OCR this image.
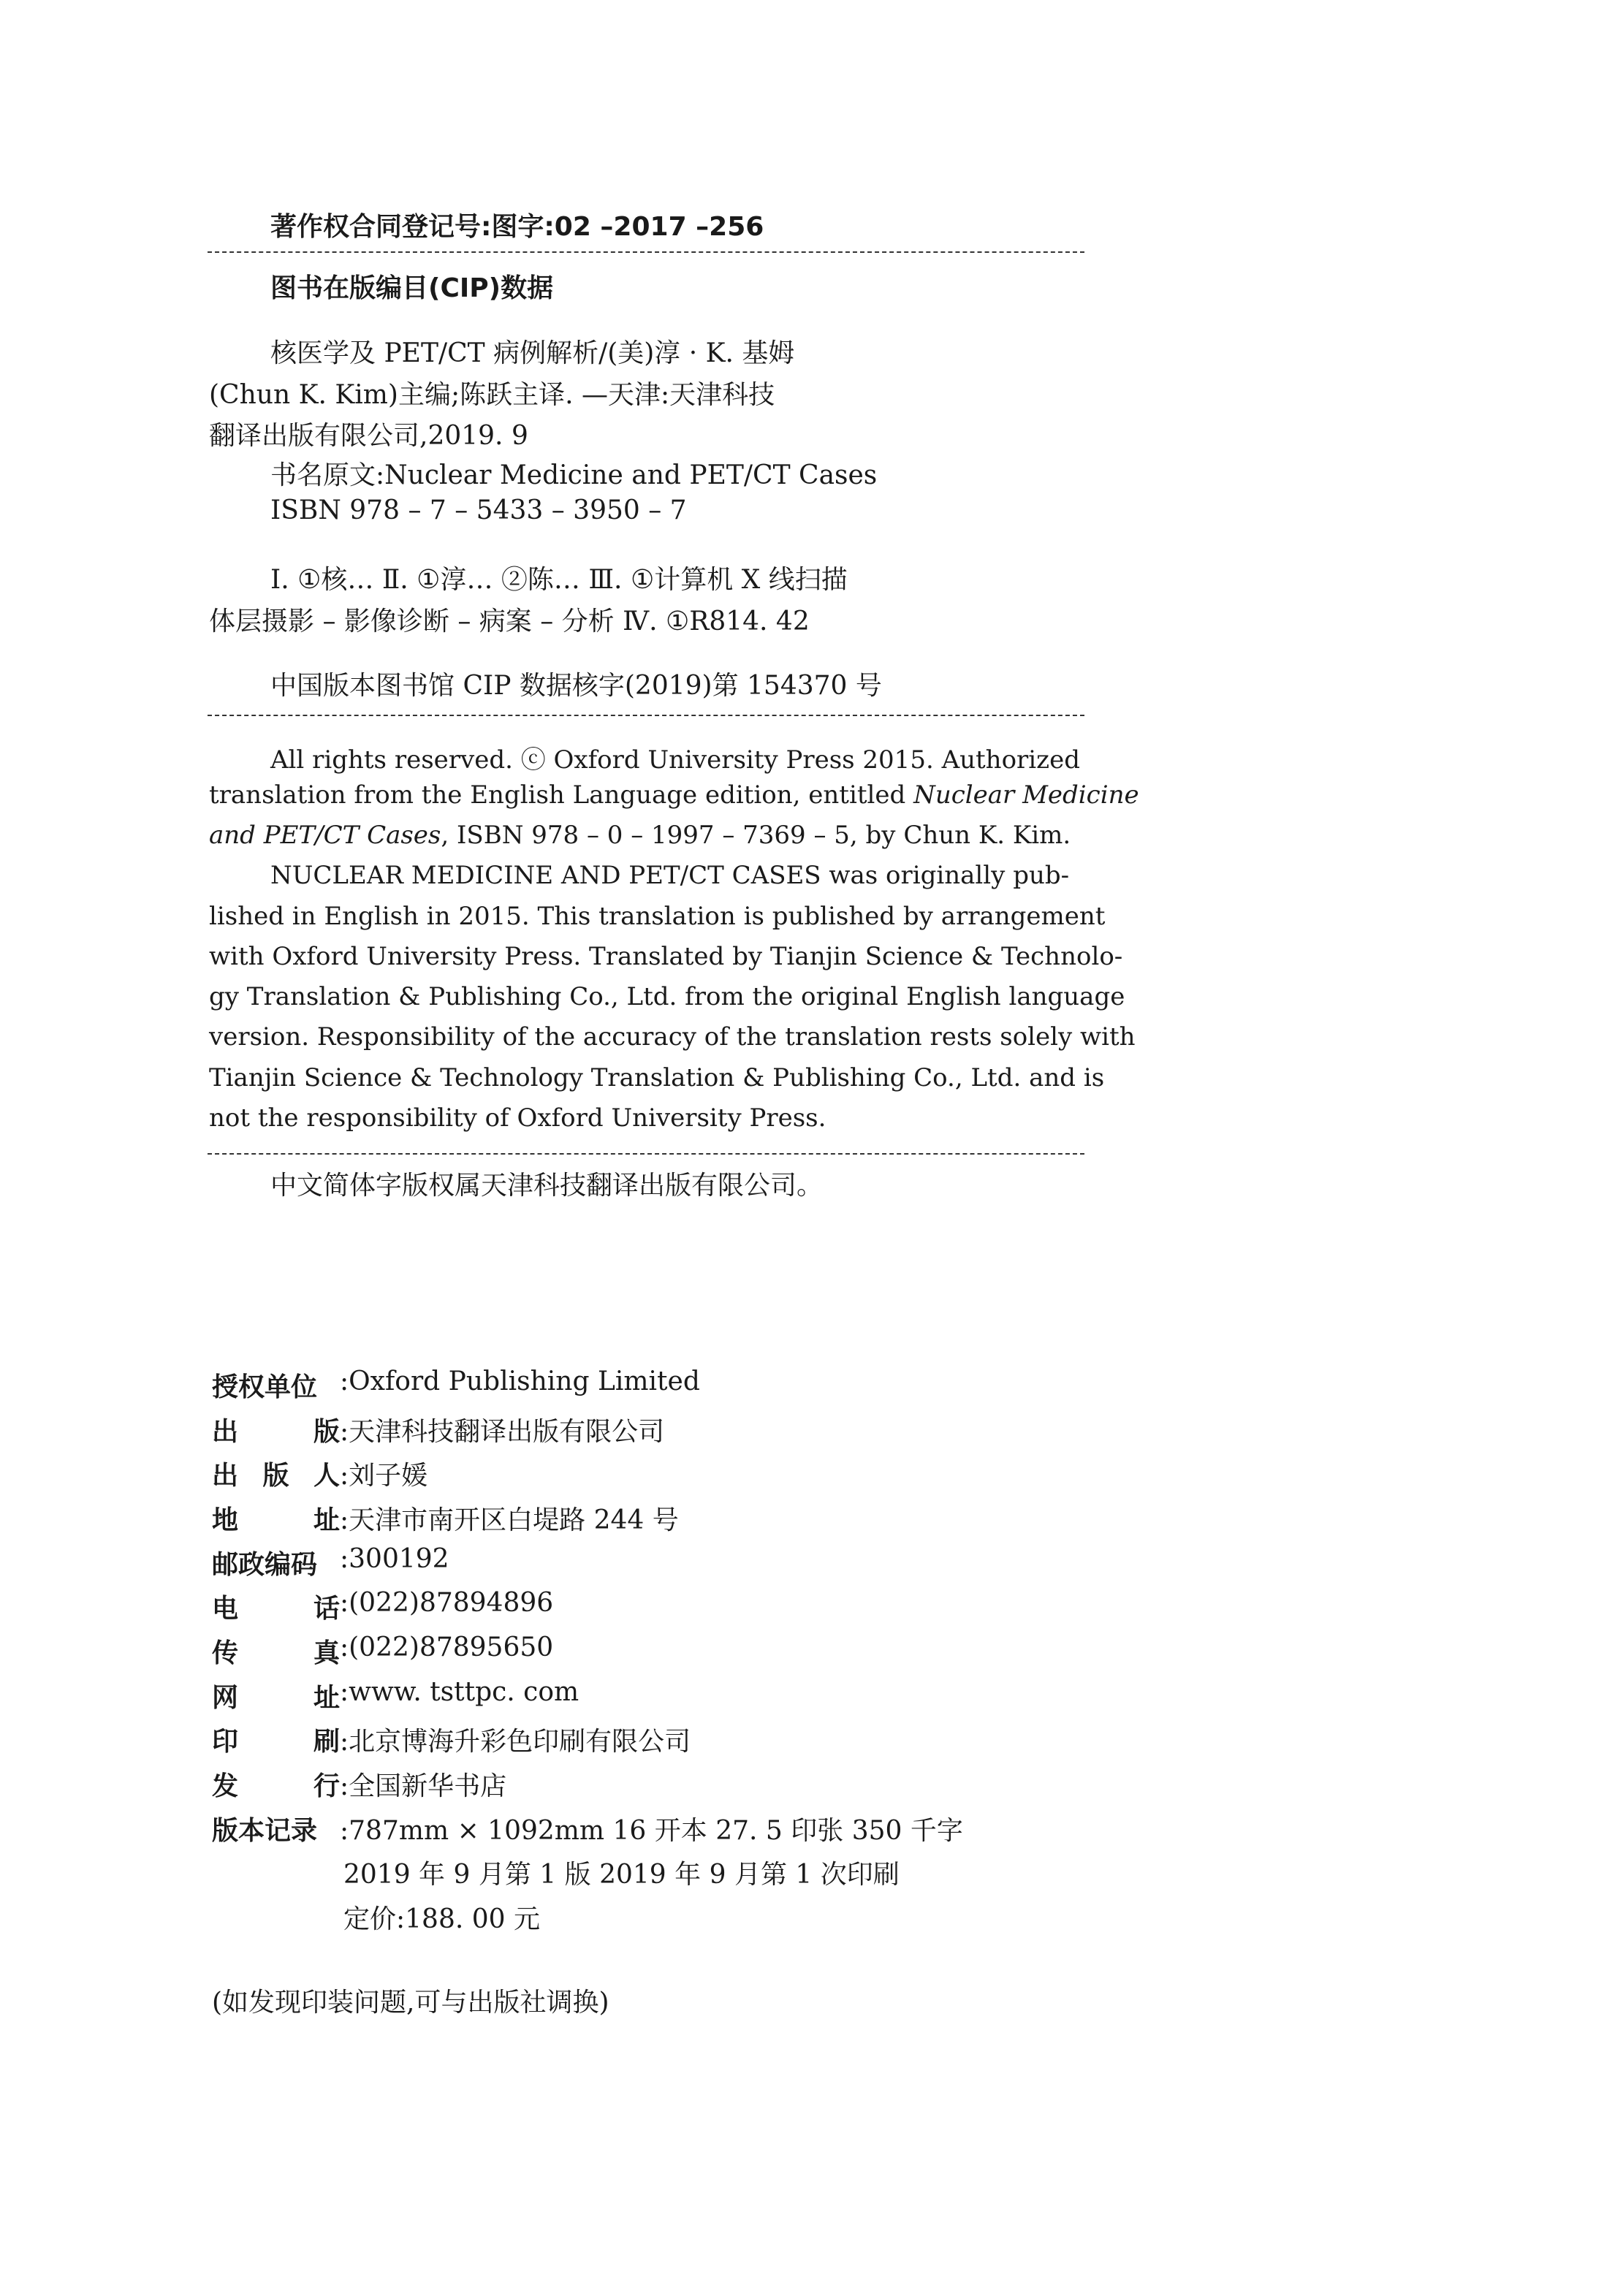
著作权合同登记号:图字:02 –2017 –256
图书在版编目(CIP)数据
核医学及 PET/CT 病例解析/(美)淳 · K. 基姆
(Chun K. Kim)主编;陈跃主译. —天津:天津科技
翻译出版有限公司,2019. 9
书名原文:Nuclear Medicine and PET/CT Cases
ISBN 978 – 7 – 5433 – 3950 – 7
Ⅰ. ①核… Ⅱ. ①淳… ②陈… Ⅲ. ①计算机 X 线扫描
体层摄影 – 影像诊断 – 病案 – 分析 Ⅳ. ①R814. 42
中国版本图书馆 CIP 数据核字(2019)第 154370 号
All rights reserved. ⓒ Oxford University Press 2015. Authorized
translation from the English Language edition, entitled Nuclear Medicine
and PET/CT Cases, ISBN 978 – 0 – 1997 – 7369 – 5, by Chun K. Kim.
NUCLEAR MEDICINE AND PET/CT CASES was originally pub-
lished in English in 2015. This translation is published by arrangement
with Oxford University Press. Translated by Tianjin Science & Technolo-
gy Translation & Publishing Co., Ltd. from the original English language
version. Responsibility of the accuracy of the translation rests solely with
Tianjin Science & Technology Translation & Publishing Co., Ltd. and is
not the responsibility of Oxford University Press.
中文简体字版权属天津科技翻译出版有限公司。
授权单位 :Oxford Publishing Limited
出	版 :天津科技翻译出版有限公司
出 版 人 :刘子媛
地	址 :天津市南开区白堤路 244 号
邮政编码 :300192
电	话 :(022)87894896
传	真 :(022)87895650
网	址 :www. tsttpc. com
印	刷 :北京博海升彩色印刷有限公司
发	行 :全国新华书店
版本记录 :787mm × 1092mm 16 开本 27. 5 印张 350 千字
2019 年 9 月第 1 版 2019 年 9 月第 1 次印刷
定价:188. 00 元
(如发现印装问题,可与出版社调换)
